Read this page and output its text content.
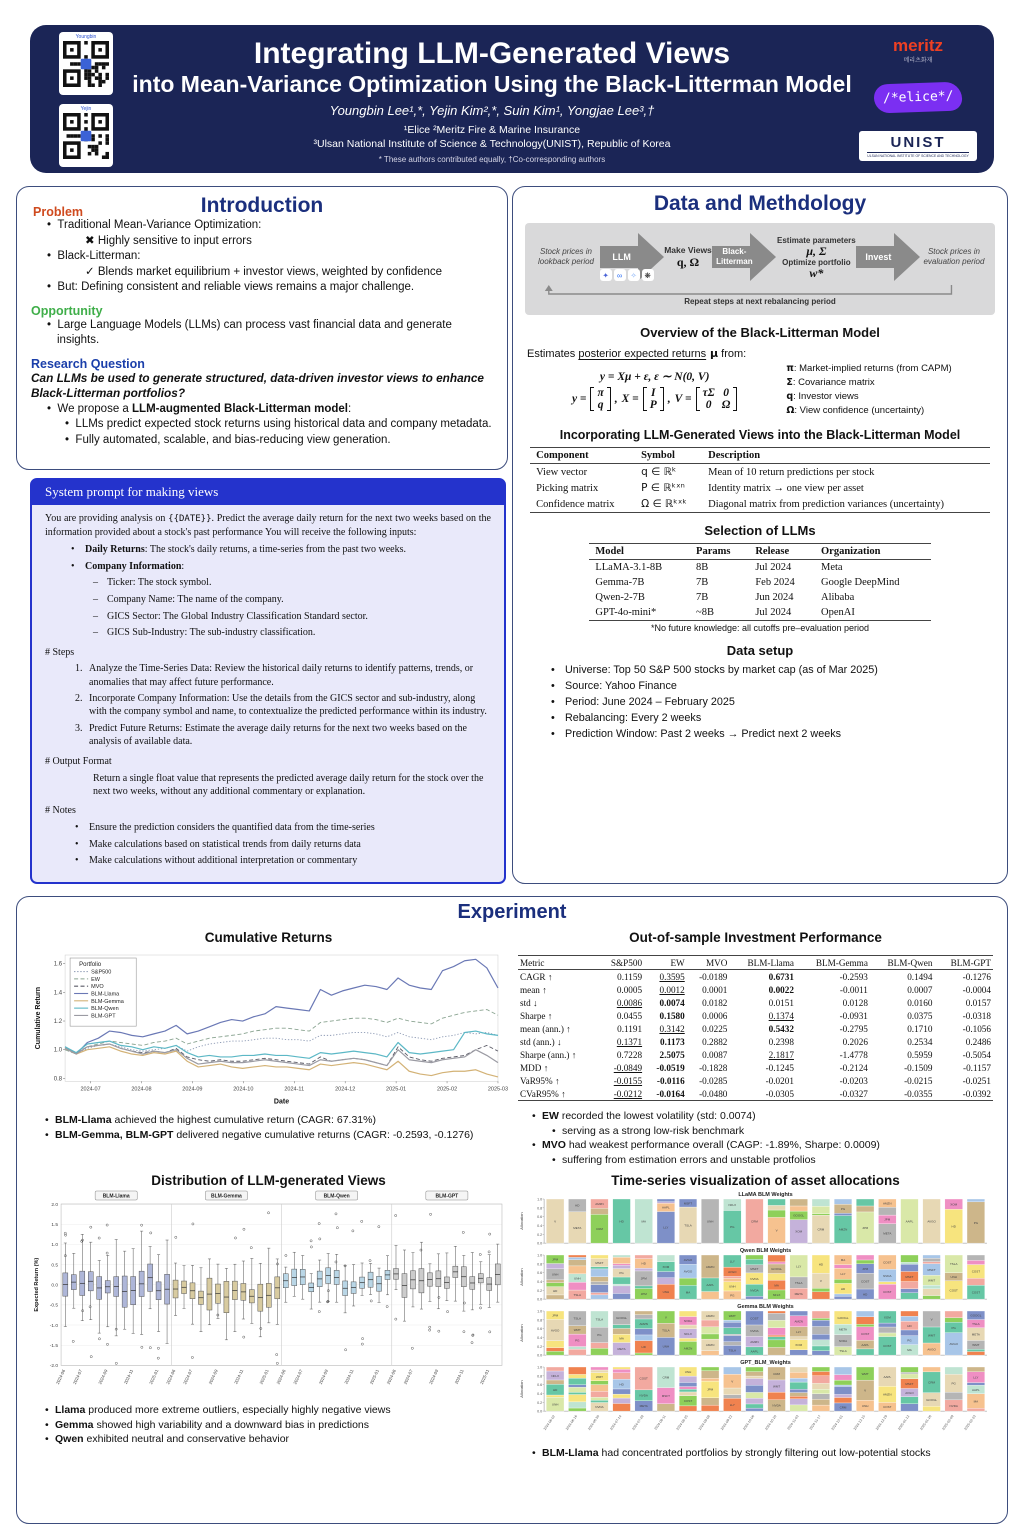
Youngbin
Yejin
Integrating LLM-Generated Views
into Mean-Variance Optimization Using the Black-Litterman Model
Youngbin Lee¹,*, Yejin Kim²,*, Suin Kim¹, Yongjae Lee³,†
¹Elice ²Meritz Fire & Marine Insurance
³Ulsan National Institute of Science & Technology(UNIST), Republic of Korea
* These authors contributed equally, †Co-corresponding authors
meritz
메리츠화재
/*elice*/
UNIST
ULSAN NATIONAL INSTITUTE OF SCIENCE AND TECHNOLOGY
Introduction
Problem
•  Traditional Mean-Variance Optimization:
✖ Highly sensitive to input errors
•  Black-Litterman:
✓ Blends market equilibrium + investor views, weighted by confidence
•  But: Defining consistent and reliable views remains a major challenge.
Opportunity
•  Large Language Models (LLMs) can process vast financial data and generate insights.
Research Question
Can LLMs be used to generate structured, data-driven investor views to enhance Black-Litterman portfolios?
•  We propose a LLM-augmented Black-Litterman model:
•  LLMs predict expected stock returns using historical data and company metadata.
•  Fully automated, scalable, and bias-reducing view generation.
System prompt for making views
You are providing analysis on {{DATE}}. Predict the average daily return for the next two weeks based on the information provided about a stock's past performance You will receive the following inputs:
•	Daily Returns: The stock's daily returns, a time-series from the past two weeks.
•	Company Information:
– Ticker: The stock symbol.
– Company Name: The name of the company.
– GICS Sector: The Global Industry Classification Standard sector.
– GICS Sub-Industry: The sub-industry classification.
# Steps
1. Analyze the Time-Series Data: Review the historical daily returns to identify patterns, trends, or anomalies that may affect future performance.
2. Incorporate Company Information: Use the details from the GICS sector and sub-industry, along with the company symbol and name, to contextualize the predicted performance within its industry.
3. Predict Future Returns: Estimate the average daily returns for the next two weeks based on the analysis of available data.
# Output Format
Return a single float value that represents the predicted average daily return for the stock over the next two weeks, without any additional commentary or explanation.
# Notes
•	Ensure the prediction considers the quantified data from the time-series
•	Make calculations based on statistical trends from daily returns data
•	Make calculations without additional interpretation or commentary
Data and Methdology
Stock prices in lookback period	LLM
✦	∞	✧	❋
Make Views
q, Ω
Black-Litterman
Estimate parameters
μ, Σ
Optimize portfolio
w*
Invest
Stock prices in evaluation period
Repeat steps at next rebalancing period
Overview of the Black-Litterman Model
Estimates posterior expected returns μ from:
y = Xμ + ε, ε ∼ N(0, V)
y = π
q , X = I
P , V = τΣ 0
0 Ω
π: Market-implied returns (from CAPM)
Σ: Covariance matrix
q: Investor views
Ω: View confidence (uncertainty)
Incorporating LLM-Generated Views into the Black-Litterman Model
Component	Symbol	Description
View vector	q ∈ ℝᵏ	Mean of 10 return predictions per stock
Picking matrix	P ∈ ℝᵏˣⁿ	Identity matrix → one view per asset
Confidence matrix	Ω ∈ ℝᵏˣᵏ	Diagonal matrix from prediction variances (uncertainty)
Selection of LLMs
Model	Params	Release	Organization
LLaMA-3.1-8B	8B	Jul 2024	Meta
Gemma-7B	7B	Feb 2024	Google DeepMind
Qwen-2-7B	7B	Jun 2024	Alibaba
GPT-4o-mini*	~8B	Jul 2024	OpenAI
*No future knowledge: all cutoffs pre–evaluation period
Data setup
• Universe: Top 50 S&P 500 stocks by market cap (as of Mar 2025)
• Source: Yahoo Finance
• Period: June 2024 – February 2025
• Rebalancing: Every 2 weeks
• Prediction Window: Past 2 weeks → Predict next 2 weeks
Experiment
Cumulative Returns
0.8
1.0
1.2
1.4
1.6
2024-07	2024-08	2024-09	2024-10	2024-11	2024-12	2025-01	2025-02	2025-03
Portfolio
S&P500
EW
MVO
BLM-Llama
BLM-Gemma
BLM-Qwen
BLM-GPT
Date
Cumulative Return
• BLM-Llama achieved the highest cumulative return (CAGR: 67.31%)
• BLM-Gemma, BLM-GPT delivered negative cumulative returns (CAGR: -0.2593, -0.1276)
Out-of-sample Investment Performance
Metric	S&P500	EW	MVO	BLM-Llama	BLM-Gemma	BLM-Qwen	BLM-GPT
CAGR ↑	0.1159	0.3595	-0.0189	0.6731	-0.2593	0.1494	-0.1276
mean ↑	0.0005	0.0012	0.0001	0.0022	-0.0011	0.0007	-0.0004
std ↓	0.0086	0.0074	0.0182	0.0151	0.0128	0.0160	0.0157
Sharpe ↑	0.0455	0.1580	0.0006	0.1374	-0.0931	0.0375	-0.0318
mean (ann.) ↑	0.1191	0.3142	0.0225	0.5432	-0.2795	0.1710	-0.1056
std (ann.) ↓	0.1371	0.1173	0.2882	0.2398	0.2026	0.2534	0.2486
Sharpe (ann.) ↑	0.7228	2.5075	0.0087	2.1817	-1.4778	0.5959	-0.5054
MDD ↑	-0.0849	-0.0519	-0.1828	-0.1245	-0.2124	-0.1509	-0.1157
VaR95% ↑	-0.0155	-0.0116	-0.0285	-0.0201	-0.0203	-0.0215	-0.0251
CVaR95% ↑	-0.0212	-0.0164	-0.0480	-0.0305	-0.0327	-0.0355	-0.0392
• EW recorded the lowest volatility (std: 0.0074)
• serving as a strong low-risk benchmark
• MVO had weakest performance overall (CAGP: -1.89%, Sharpe: 0.0009)
• suffering from estimation errors and unstable protfolios
Distribution of LLM-generated Views
-2.0
-1.5
-1.0
-0.5
0.0
0.5
1.0
1.5
2.0
BLM-Llama
2024-06 2024-07	2024-09	2024-11	2025-01
BLM-Gemma
2024-06 2024-07	2024-09	2024-11	2025-01
BLM-Qwen
2024-06 2024-07	2024-09	2024-11	2025-01
BLM-GPT
2024-06 2024-07	2024-09	2024-11	2025-01
Expected Return (%)
• Llama produced more extreme outliers, especially highly negative views
• Gemma showed high variability and a downward bias in predictions
• Qwen exhibited neutral and conservative behavior
Time-series visualization of asset allocations
LLaMA BLM Weights
0.0
0.2
0.4
0.6
0.8
1.0
Allocation	V
META
HD
CRM
AMZN
HD	MA
LLY
AAPL
TSLA
MSFT
UNH
PG
NFLX
CRM
V	XOM
GOOGL
CRM	AMZN
PG
JPM
META
JPM
AMZN
AAPL	AVGO
HD
XOM
PG
Qwen BLM Weights
0.0
0.2
0.4
0.6
0.8
1.0
Allocation
HD
UNH
JPM
TSLA
UNH
MSFT
PG
JPM
JPM
HD
UNH
XOM
MA
AVGO
AVGO
AAPL
AMZN
PG
UNH
AVGO
LLY
NVDA
NVDA
MSFT
NFLX
MA
GOOGL
META
TSLA
LLY
V
HD
HD
LLY
MA
HD
COST
JPM
COST
NVDA
COST
MSFT
WMT
MSFT
COST
UNH
TSLA
COST
COST
Gemma BLM Weights
0.0
0.2
0.4
0.6
0.8
1.0
Allocation	AVGO
JPM
PG
WMT
TSLA
PG
TSLA
META
MA
GOOGL
HD
AMZN
UNH
TSLA
V
AMZN
NFLX
NVDA
AMZN
AMZN
TSLA
WMT
AAPL
AMZN
NVDA
COST
XOM
LLY
AMZN
TSLA
NVDA
META
GOOGL
AAPL
COST
COST
XOM
MA
PG
HD
AVGO
WMT
V
AVGO
PG
WMT
META
TSLA
GOOGL
GPT_BLM_Weights
0.0
0.2
0.4
0.6
0.8
1.0
Allocation
UNH
HD
NFLX
2024-06-02	2024-06-16
NVDA
WMT
2024-06-30
HD
2024-07-14
META
NVDA
COST
2024-07-28
MSFT
CRM
2024-08-11
COST
UNH
2024-08-25
JPM
2024-09-08
LLY
V
2024-09-22	2024-10-06
NVDA
WMT
CRM
2024-10-20	2024-11-03	2024-11-17
CRM
2024-12-01
UNH
V
WMT
2024-12-15
COST
AMZN
AAPL
2024-12-29
AVGO
MSFT
2025-01-12
GOOGL
CRM
2025-01-26
NVDA
PG
2025-02-09
MA
AAPL
LLY
2025-02-23
• BLM-Llama had concentrated portfolios by strongly filtering out low-potential stocks
